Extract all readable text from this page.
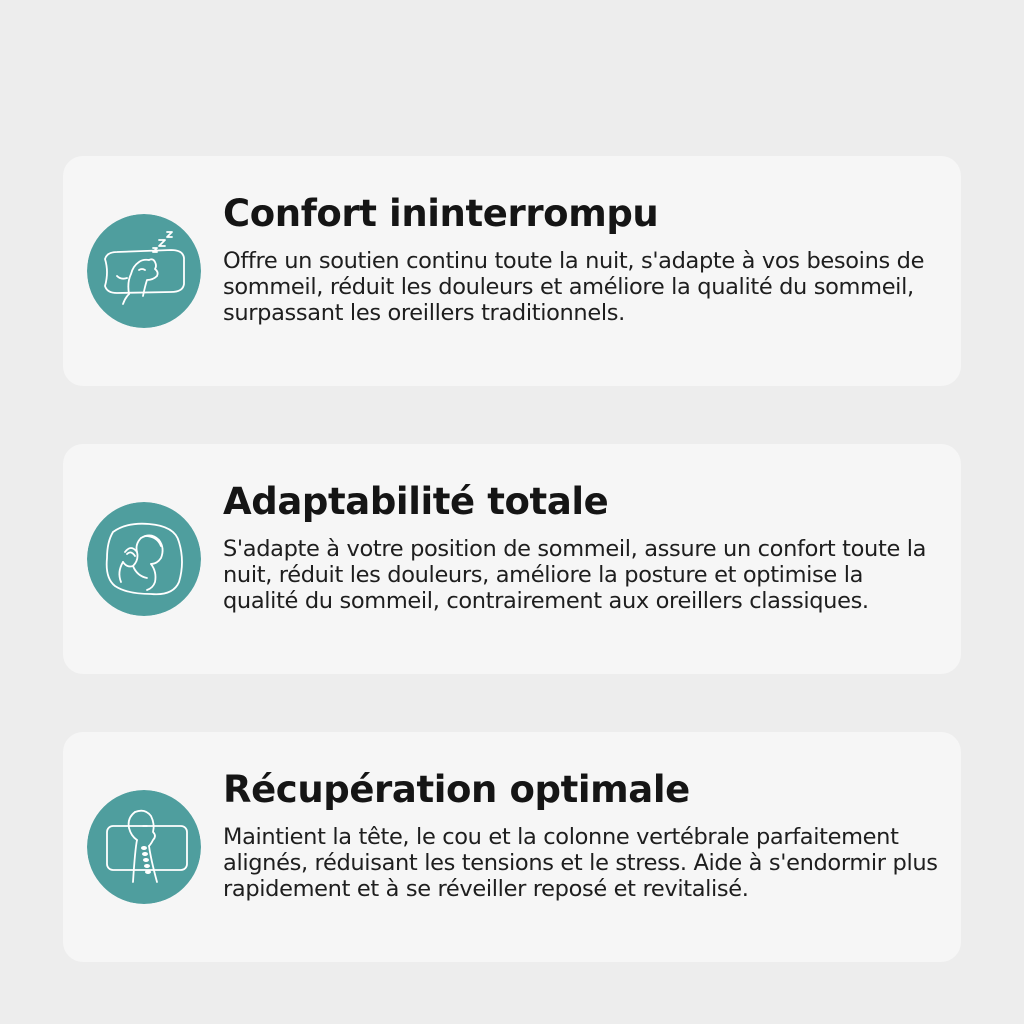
Confort ininterrompu

Offre un soutien continu toute la nuit, s'adapte à vos besoins de sommeil, réduit les douleurs et améliore la qualité du sommeil, surpassant les oreillers traditionnels.

Adaptabilité totale

S'adapte à votre position de sommeil, assure un confort toute la nuit, réduit les douleurs, améliore la posture et optimise la qualité du sommeil, contrairement aux oreillers classiques.

Récupération optimale

Maintient la tête, le cou et la colonne vertébrale parfaitement alignés, réduisant les tensions et le stress. Aide à s'endormir plus rapidement et à se réveiller reposé et revitalisé.
